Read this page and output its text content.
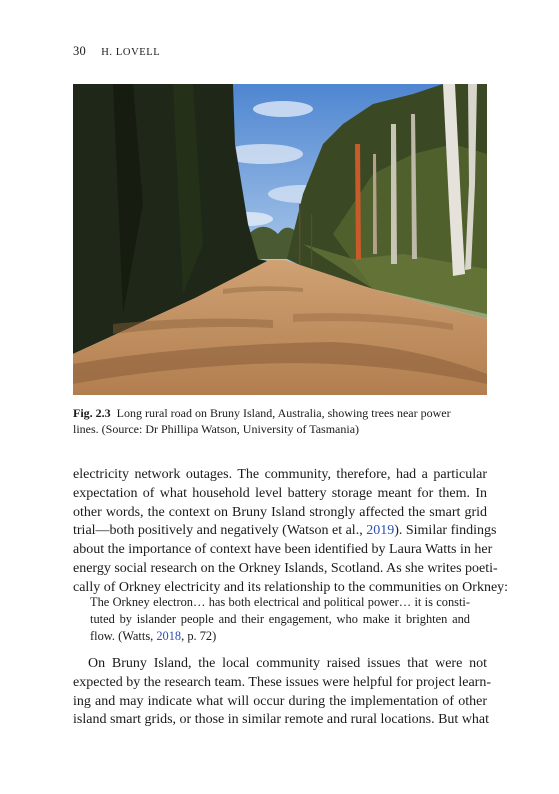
30 H. LOVELL
Fig. 2.3 Long rural road on Bruny Island, Australia, showing trees near power
lines. (Source: Dr Phillipa Watson, University of Tasmania)
electricity network outages. The community, therefore, had a particular
expectation of what household level battery storage meant for them. In
other words, the context on Bruny Island strongly affected the smart grid
trial—both positively and negatively (Watson et al., 2019). Similar findings
about the importance of context have been identified by Laura Watts in her
energy social research on the Orkney Islands, Scotland. As she writes poeti-
cally of Orkney electricity and its relationship to the communities on Orkney:
The Orkney electron… has both electrical and political power… it is consti-
tuted by islander people and their engagement, who make it brighten and
flow. (Watts, 2018, p. 72)
On Bruny Island, the local community raised issues that were not
expected by the research team. These issues were helpful for project learn-
ing and may indicate what will occur during the implementation of other
island smart grids, or those in similar remote and rural locations. But what
